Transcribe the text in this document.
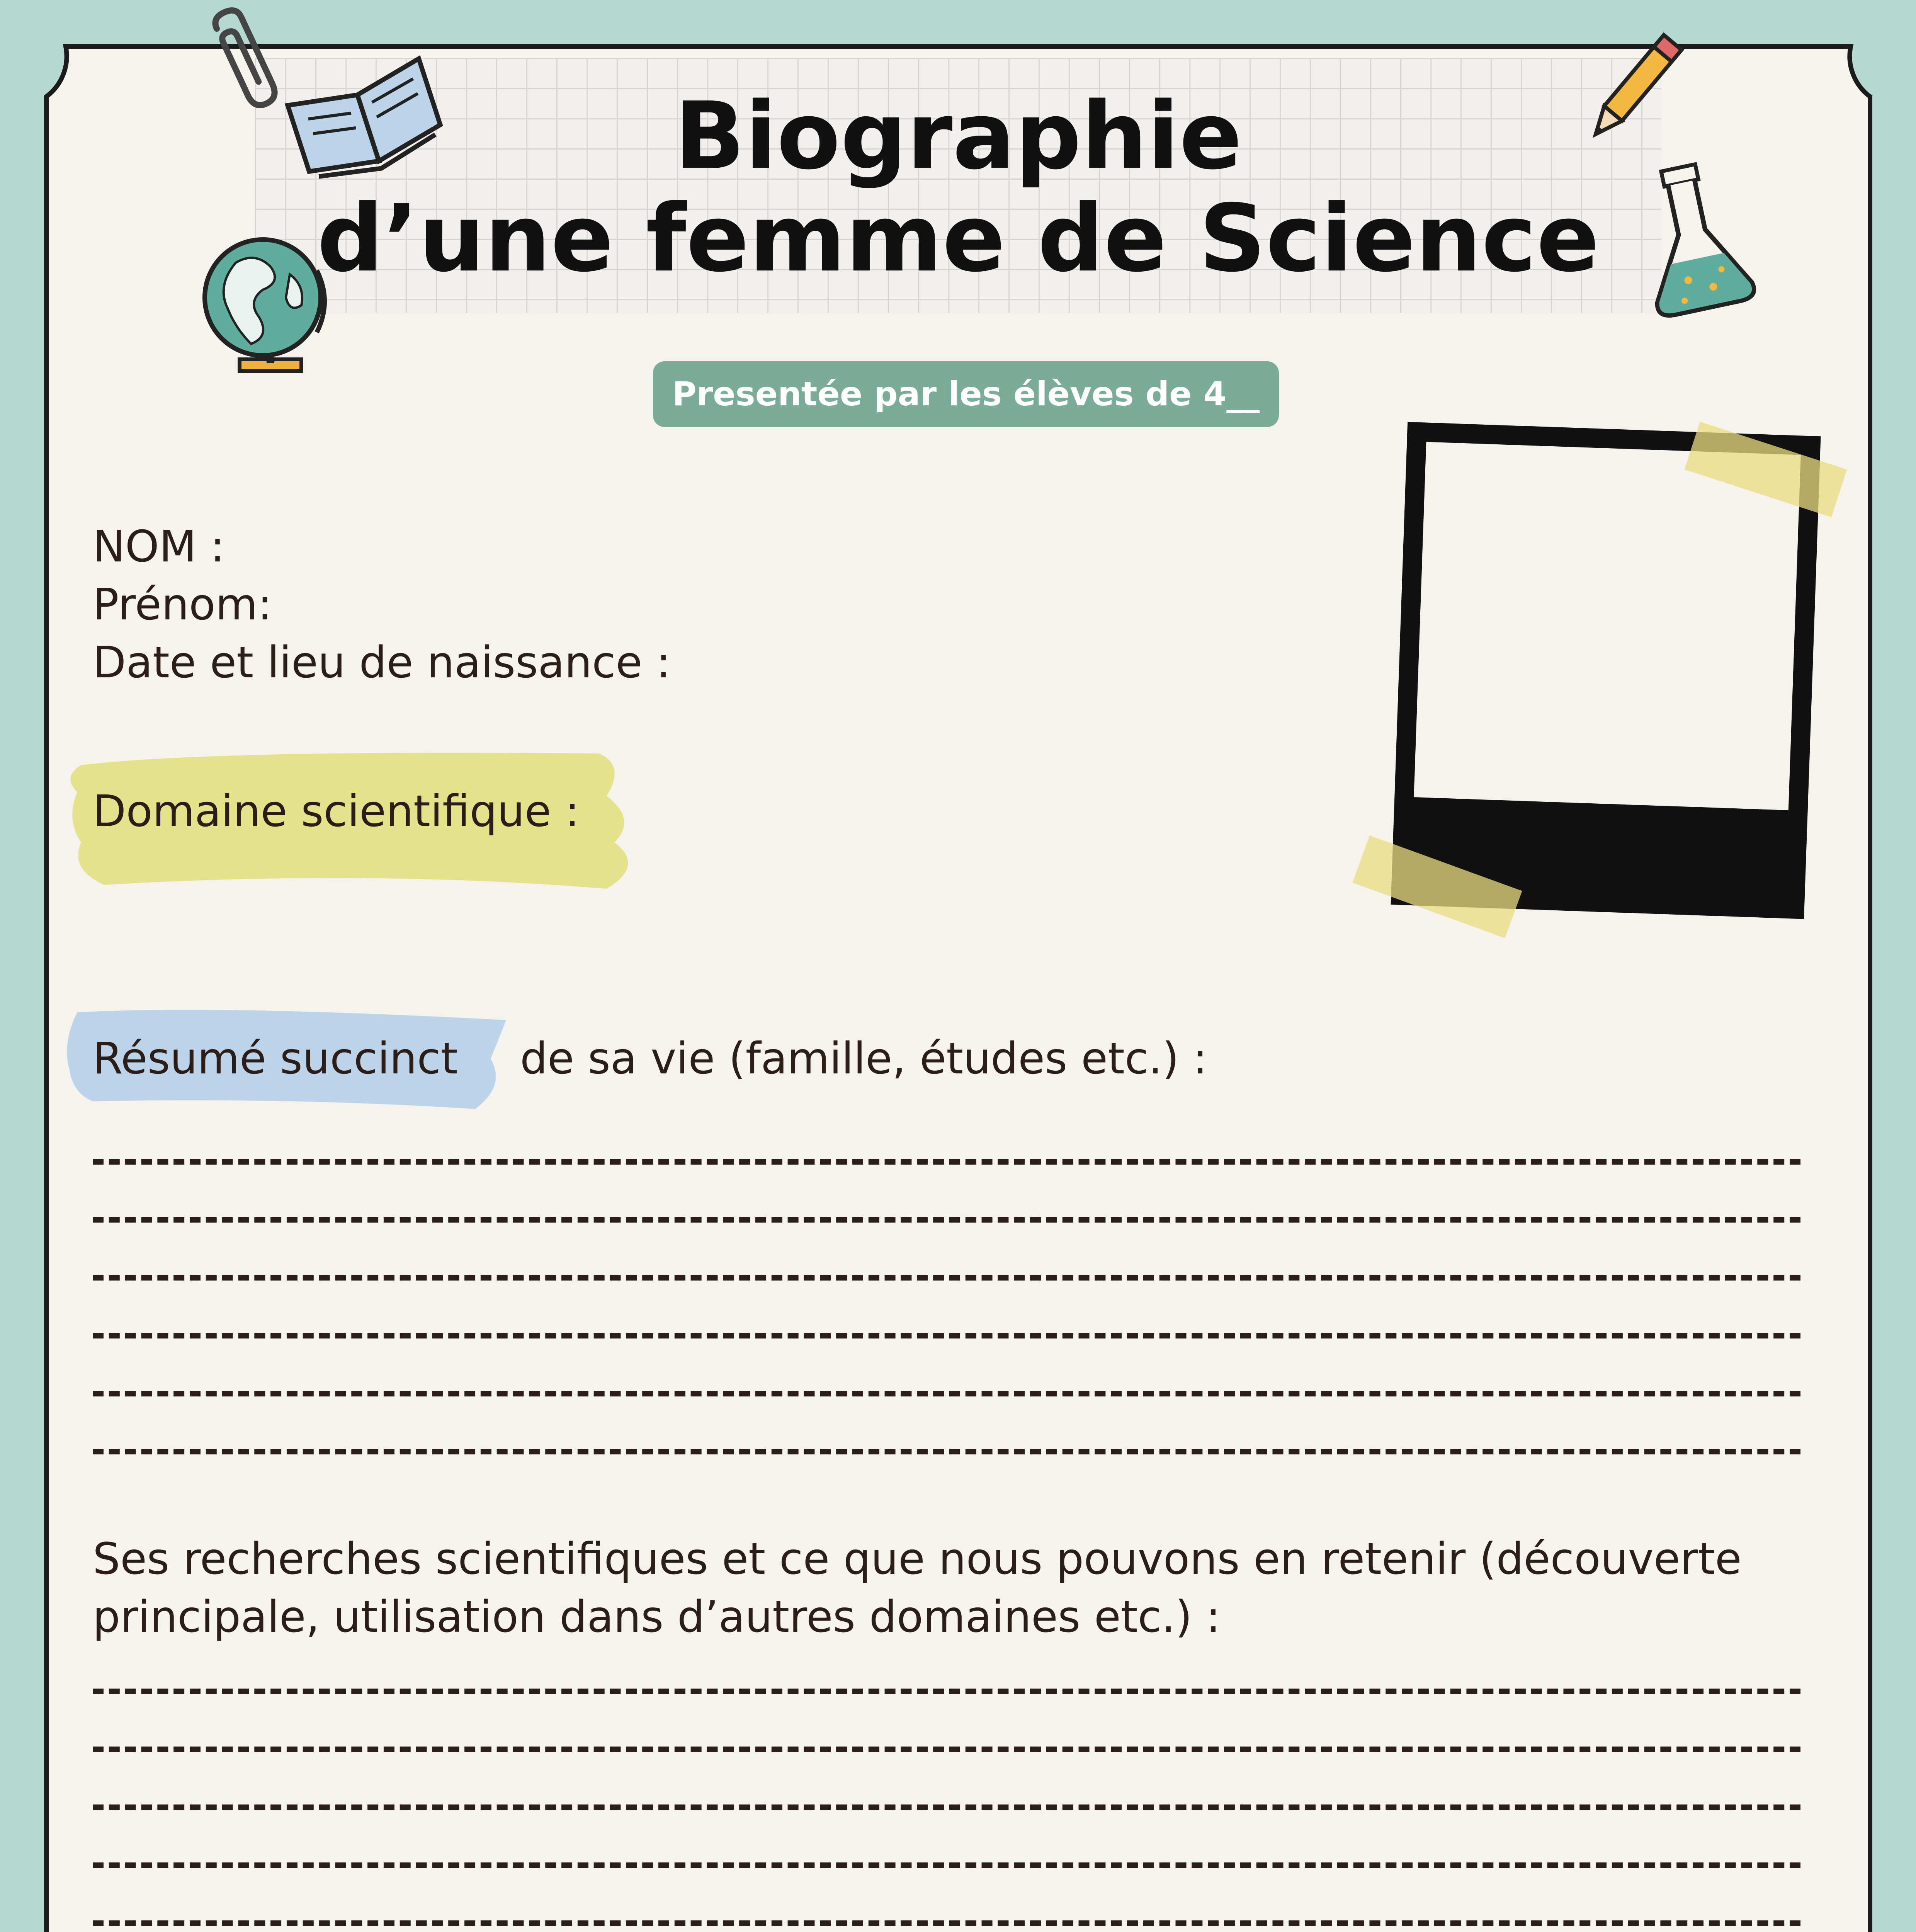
Biographie
d’une femme de Science
Presentée par les élèves de 4__
NOM :
Prénom:
Date et lieu de naissance :
Domaine scientifique :
Résumé succinct de sa vie (famille, études etc.) :
Ses recherches scientifiques et ce que nous pouvons en retenir (découverte
principale, utilisation dans d’autres domaines etc.) :
